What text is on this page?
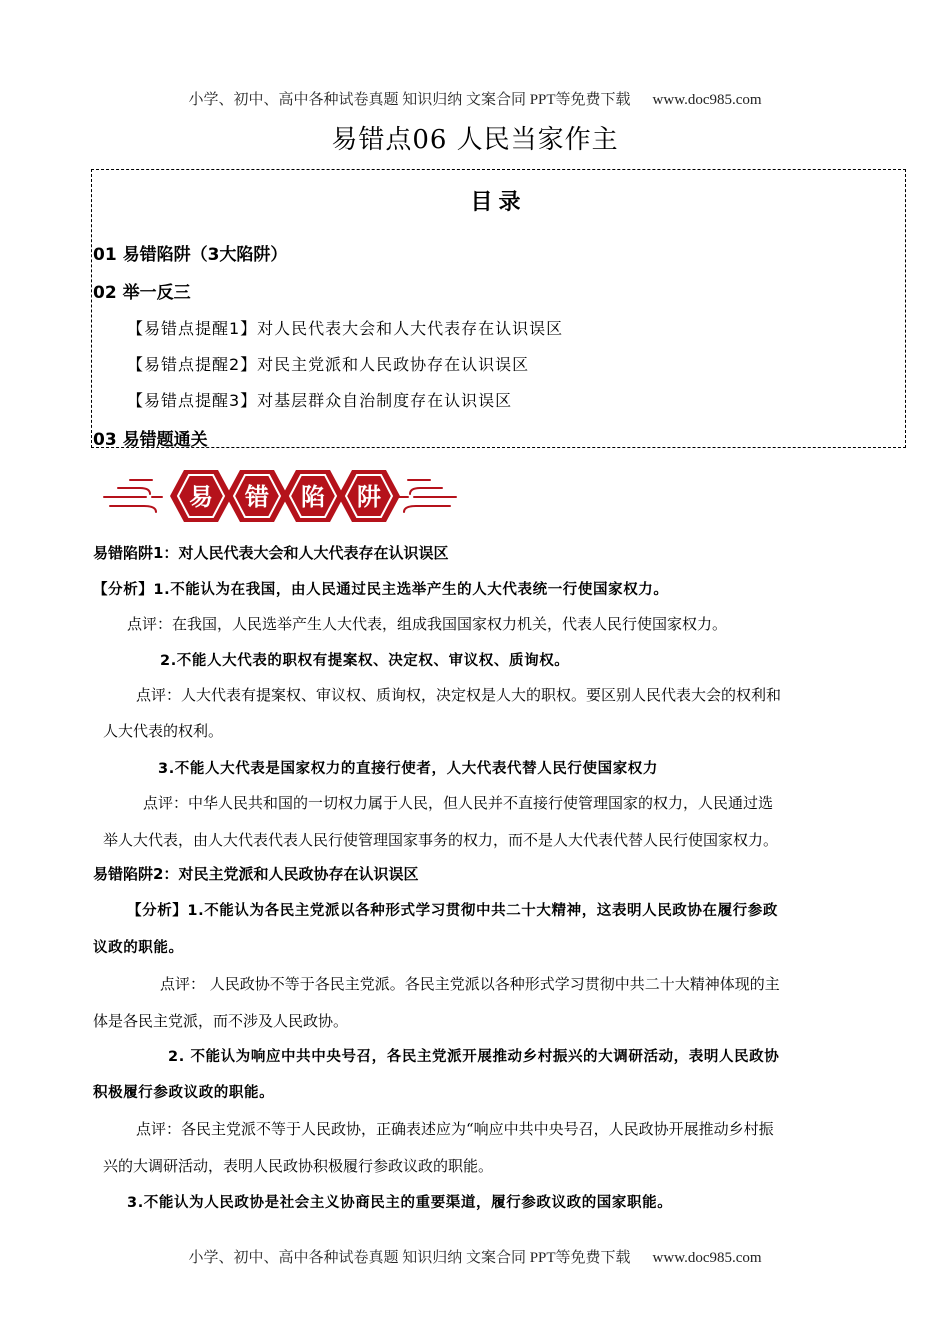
小学、初中、高中各种试卷真题 知识归纳 文案合同 PPT等免费下载 www.doc985.com
易错点06 人民当家作主
目录
01 易错陷阱（3大陷阱）
02 举一反三
【易错点提醒1】对人民代表大会和人大代表存在认识误区
【易错点提醒2】对民主党派和人民政协存在认识误区
【易错点提醒3】对基层群众自治制度存在认识误区
03 易错题通关
易 错 陷 阱
易错陷阱1：对人民代表大会和人大代表存在认识误区
【分析】1.不能认为在我国，由人民通过民主选举产生的人大代表统一行使国家权力。
点评：在我国，人民选举产生人大代表，组成我国国家权力机关，代表人民行使国家权力。
2.不能人大代表的职权有提案权、决定权、审议权、质询权。
点评：人大代表有提案权、审议权、质询权，决定权是人大的职权。要区别人民代表大会的权利和
人大代表的权利。
3.不能人大代表是国家权力的直接行使者，人大代表代替人民行使国家权力
点评：中华人民共和国的一切权力属于人民，但人民并不直接行使管理国家的权力，人民通过选
举人大代表，由人大代表代表人民行使管理国家事务的权力，而不是人大代表代替人民行使国家权力。
易错陷阱2：对民主党派和人民政协存在认识误区
【分析】1.不能认为各民主党派以各种形式学习贯彻中共二十大精神，这表明人民政协在履行参政
议政的职能。
点评： 人民政协不等于各民主党派。各民主党派以各种形式学习贯彻中共二十大精神体现的主
体是各民主党派，而不涉及人民政协。
2. 不能认为响应中共中央号召，各民主党派开展推动乡村振兴的大调研活动，表明人民政协
积极履行参政议政的职能。
点评：各民主党派不等于人民政协，正确表述应为“响应中共中央号召，人民政协开展推动乡村振
兴的大调研活动，表明人民政协积极履行参政议政的职能。
3.不能认为人民政协是社会主义协商民主的重要渠道，履行参政议政的国家职能。
小学、初中、高中各种试卷真题 知识归纳 文案合同 PPT等免费下载 www.doc985.com
